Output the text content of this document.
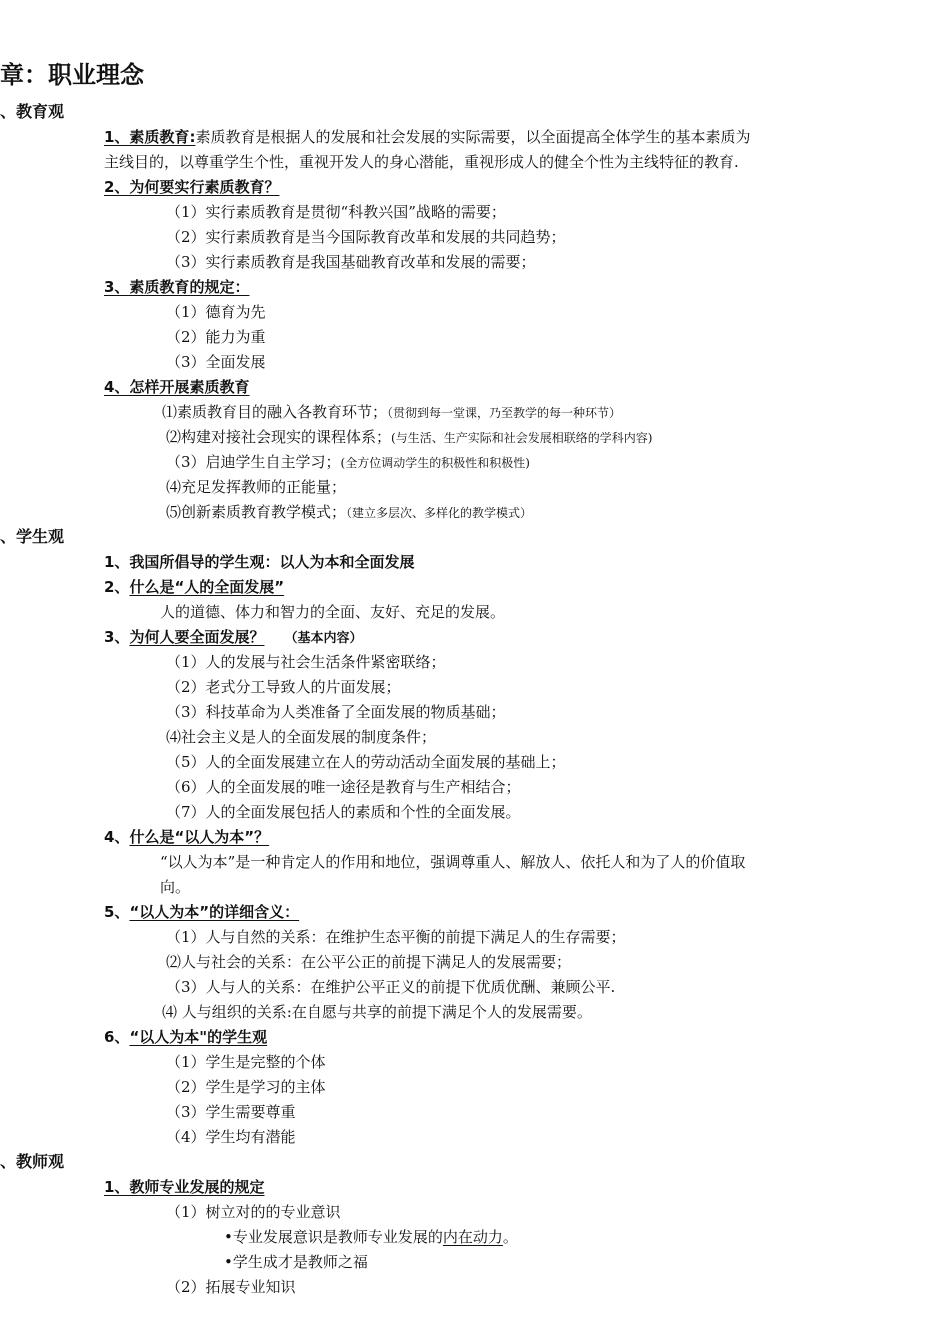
章：职业理念
、教育观
1、素质教育:素质教育是根据人的发展和社会发展的实际需要，以全面提高全体学生的基本素质为
主线目的，以尊重学生个性，重视开发人的身心潜能，重视形成人的健全个性为主线特征的教育.
2、为何要实行素质教育？
（1）实行素质教育是贯彻“科教兴国”战略的需要；
（2）实行素质教育是当今国际教育改革和发展的共同趋势；
（3）实行素质教育是我国基础教育改革和发展的需要；
3、素质教育的规定：
（1）德育为先
（2）能力为重
（3）全面发展
4、怎样开展素质教育
⑴素质教育目的融入各教育环节；（贯彻到每一堂课，乃至教学的每一种环节）
⑵构建对接社会现实的课程体系；(与生活、生产实际和社会发展相联络的学科内容)
（3）启迪学生自主学习；(全方位调动学生的积极性和积极性)
⑷充足发挥教师的正能量；
⑸创新素质教育教学模式；（建立多层次、多样化的教学模式）
、学生观
1、我国所倡导的学生观：以人为本和全面发展
2、什么是“人的全面发展”
人的道德、体力和智力的全面、友好、充足的发展。
3、为何人要全面发展？ （基本内容）
（1）人的发展与社会生活条件紧密联络；
（2）老式分工导致人的片面发展；
（3）科技革命为人类准备了全面发展的物质基础；
⑷社会主义是人的全面发展的制度条件；
（5）人的全面发展建立在人的劳动活动全面发展的基础上；
（6）人的全面发展的唯一途径是教育与生产相结合；
（7）人的全面发展包括人的素质和个性的全面发展。
4、什么是“以人为本”？
“以人为本”是一种肯定人的作用和地位，强调尊重人、解放人、依托人和为了人的价值取
向。
5、“以人为本”的详细含义：
（1）人与自然的关系：在维护生态平衡的前提下满足人的生存需要；
⑵人与社会的关系：在公平公正的前提下满足人的发展需要；
（3）人与人的关系：在维护公平正义的前提下优质优酬、兼顾公平.
⑷ 人与组织的关系:在自愿与共享的前提下满足个人的发展需要。
6、“以人为本"的学生观
（1）学生是完整的个体
（2）学生是学习的主体
（3）学生需要尊重
（4）学生均有潜能
、教师观
1、教师专业发展的规定
（1）树立对的的专业意识
•专业发展意识是教师专业发展的内在动力。
•学生成才是教师之福
（2）拓展专业知识
